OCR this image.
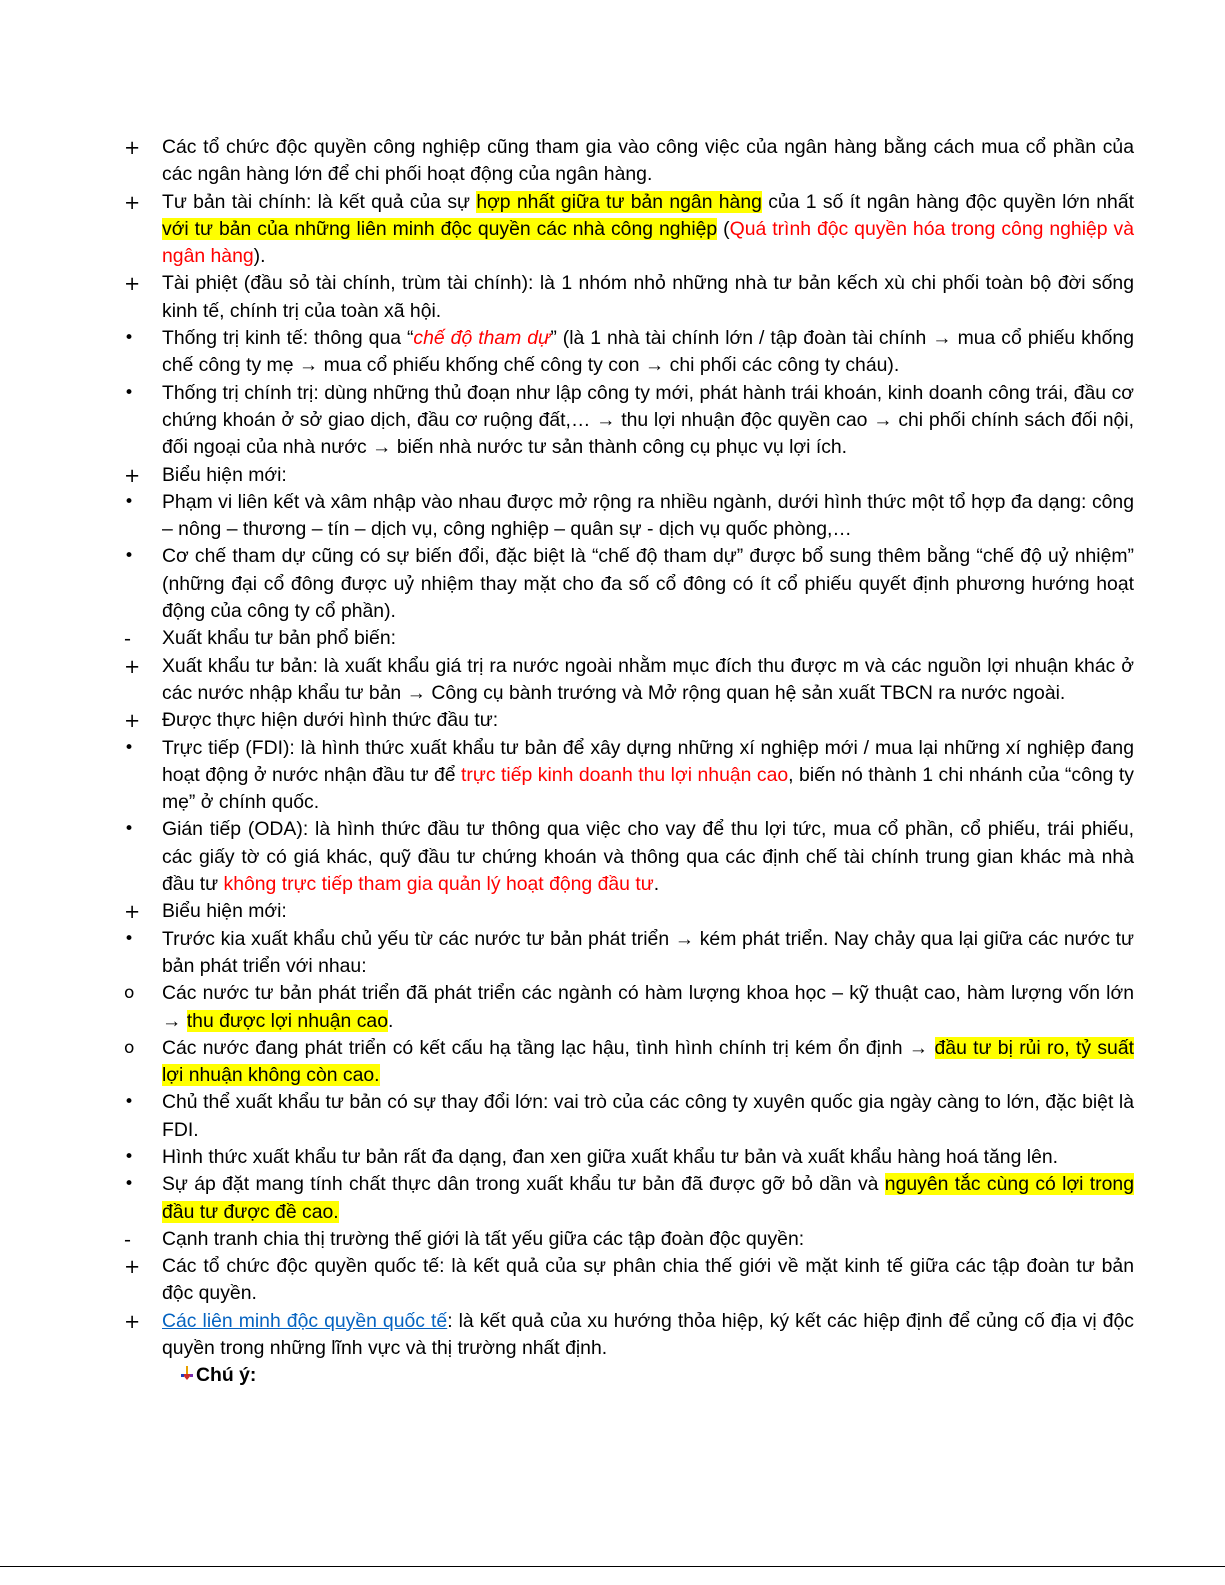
+	Các tổ chức độc quyền công nghiệp cũng tham gia vào công việc của ngân hàng bằng cách mua cổ phần của các ngân hàng lớn để chi phối hoạt động của ngân hàng.
+	Tư bản tài chính: là kết quả của sự hợp nhất giữa tư bản ngân hàng của 1 số ít ngân hàng độc quyền lớn nhất với tư bản của những liên minh độc quyền các nhà công nghiệp (Quá trình độc quyền hóa trong công nghiệp và ngân hàng).
+	Tài phiệt (đầu sỏ tài chính, trùm tài chính): là 1 nhóm nhỏ những nhà tư bản kếch xù chi phối toàn bộ đời sống kinh tế, chính trị của toàn xã hội.
•	Thống trị kinh tế: thông qua “chế độ tham dự” (là 1 nhà tài chính lớn / tập đoàn tài chính → mua cổ phiếu khống chế công ty mẹ → mua cổ phiếu khống chế công ty con → chi phối các công ty cháu).
•	Thống trị chính trị: dùng những thủ đoạn như lập công ty mới, phát hành trái khoán, kinh doanh công trái, đầu cơ chứng khoán ở sở giao dịch, đầu cơ ruộng đất,… → thu lợi nhuận độc quyền cao → chi phối chính sách đối nội, đối ngoại của nhà nước → biến nhà nước tư sản thành công cụ phục vụ lợi ích.
+	Biểu hiện mới:
•	Phạm vi liên kết và xâm nhập vào nhau được mở rộng ra nhiều ngành, dưới hình thức một tổ hợp đa dạng: công – nông – thương – tín – dịch vụ, công nghiệp – quân sự - dịch vụ quốc phòng,…
•	Cơ chế tham dự cũng có sự biến đổi, đặc biệt là “chế độ tham dự” được bổ sung thêm bằng “chế độ uỷ nhiệm” (những đại cổ đông được uỷ nhiệm thay mặt cho đa số cổ đông có ít cổ phiếu quyết định phương hướng hoạt động của công ty cổ phần).
-	Xuất khẩu tư bản phổ biến:
+	Xuất khẩu tư bản: là xuất khẩu giá trị ra nước ngoài nhằm mục đích thu được m và các nguồn lợi nhuận khác ở các nước nhập khẩu tư bản → Công cụ bành trướng và Mở rộng quan hệ sản xuất TBCN ra nước ngoài.
+	Được thực hiện dưới hình thức đầu tư:
•	Trực tiếp (FDI): là hình thức xuất khẩu tư bản để xây dựng những xí nghiệp mới / mua lại những xí nghiệp đang hoạt động ở nước nhận đầu tư để trực tiếp kinh doanh thu lợi nhuận cao, biến nó thành 1 chi nhánh của “công ty mẹ” ở chính quốc.
•	Gián tiếp (ODA): là hình thức đầu tư thông qua việc cho vay để thu lợi tức, mua cổ phần, cổ phiếu, trái phiếu, các giấy tờ có giá khác, quỹ đầu tư chứng khoán và thông qua các định chế tài chính trung gian khác mà nhà đầu tư không trực tiếp tham gia quản lý hoạt động đầu tư.
+	Biểu hiện mới:
•	Trước kia xuất khẩu chủ yếu từ các nước tư bản phát triển → kém phát triển. Nay chảy qua lại giữa các nước tư bản phát triển với nhau:
o	Các nước tư bản phát triển đã phát triển các ngành có hàm lượng khoa học – kỹ thuật cao, hàm lượng vốn lớn → thu được lợi nhuận cao.
o	Các nước đang phát triển có kết cấu hạ tầng lạc hậu, tình hình chính trị kém ổn định → đầu tư bị rủi ro, tỷ suất lợi nhuận không còn cao.
•	Chủ thể xuất khẩu tư bản có sự thay đổi lớn: vai trò của các công ty xuyên quốc gia ngày càng to lớn, đặc biệt là FDI.
•	Hình thức xuất khẩu tư bản rất đa dạng, đan xen giữa xuất khẩu tư bản và xuất khẩu hàng hoá tăng lên.
•	Sự áp đặt mang tính chất thực dân trong xuất khẩu tư bản đã được gỡ bỏ dần và nguyên tắc cùng có lợi trong đầu tư được đề cao.
-	Cạnh tranh chia thị trường thế giới là tất yếu giữa các tập đoàn độc quyền:
+	Các tổ chức độc quyền quốc tế: là kết quả của sự phân chia thế giới về mặt kinh tế giữa các tập đoàn tư bản độc quyền.
+	Các liên minh độc quyền quốc tế: là kết quả của xu hướng thỏa hiệp, ký kết các hiệp định để củng cố địa vị độc quyền trong những lĩnh vực và thị trường nhất định.
Chú ý:
